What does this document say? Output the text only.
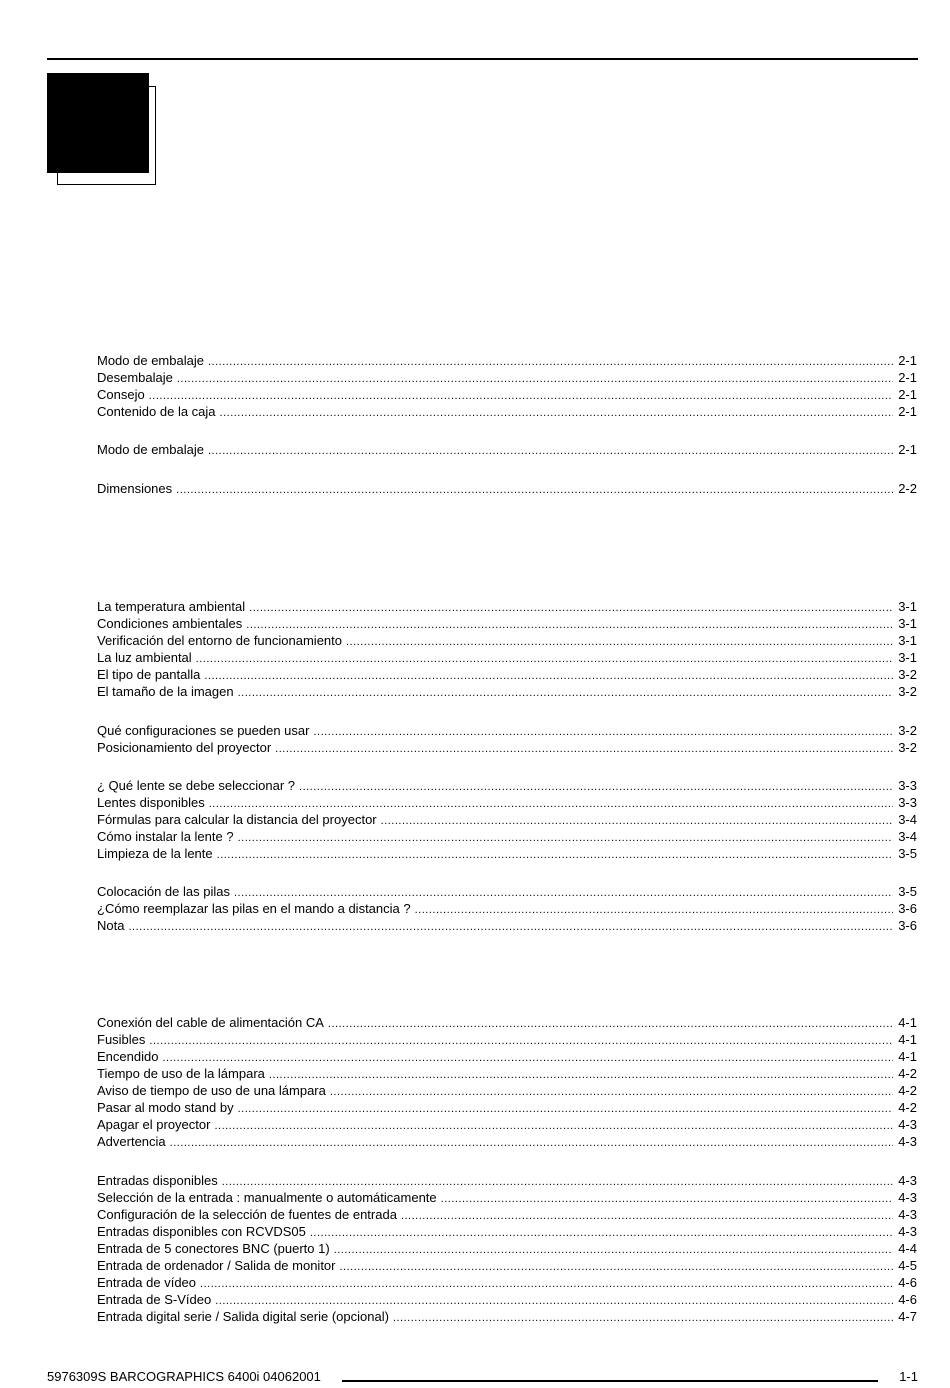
Modo de embalaje .....	2-1
Desembalaje .....	2-1
Consejo .....	2-1
Contenido de la caja .....	2-1
Modo de embalaje .....	2-1
Dimensiones .....	2-2
La temperatura ambiental .....	3-1
Condiciones ambientales .....	3-1
Verificación del entorno de funcionamiento .....	3-1
La luz ambiental .....	3-1
El tipo de pantalla .....	3-2
El tamaño de la imagen .....	3-2
Qué configuraciones se pueden usar .....	3-2
Posicionamiento del proyector .....	3-2
¿ Qué lente se debe seleccionar ? .....	3-3
Lentes disponibles .....	3-3
Fórmulas para calcular la distancia del proyector .....	3-4
Cómo instalar la lente ? .....	3-4
Limpieza de la lente .....	3-5
Colocación de las pilas .....	3-5
¿Cómo reemplazar las pilas en el mando a distancia ? .....	3-6
Nota .....	3-6
Conexión del cable de alimentación CA .....	4-1
Fusibles .....	4-1
Encendido .....	4-1
Tiempo de uso de la lámpara .....	4-2
Aviso de tiempo de uso de una lámpara .....	4-2
Pasar al modo stand by .....	4-2
Apagar el proyector .....	4-3
Advertencia .....	4-3
Entradas disponibles .....	4-3
Selección de la entrada : manualmente o automáticamente .....	4-3
Configuración de la selección de fuentes de entrada .....	4-3
Entradas disponibles con RCVDS05 .....	4-3
Entrada de 5 conectores BNC (puerto 1) .....	4-4
Entrada de ordenador / Salida de monitor .....	4-5
Entrada de vídeo .....	4-6
Entrada de S-Vídeo .....	4-6
Entrada digital serie / Salida digital serie (opcional) .....	4-7
5976309S BARCOGRAPHICS 6400i 04062001	1-1
